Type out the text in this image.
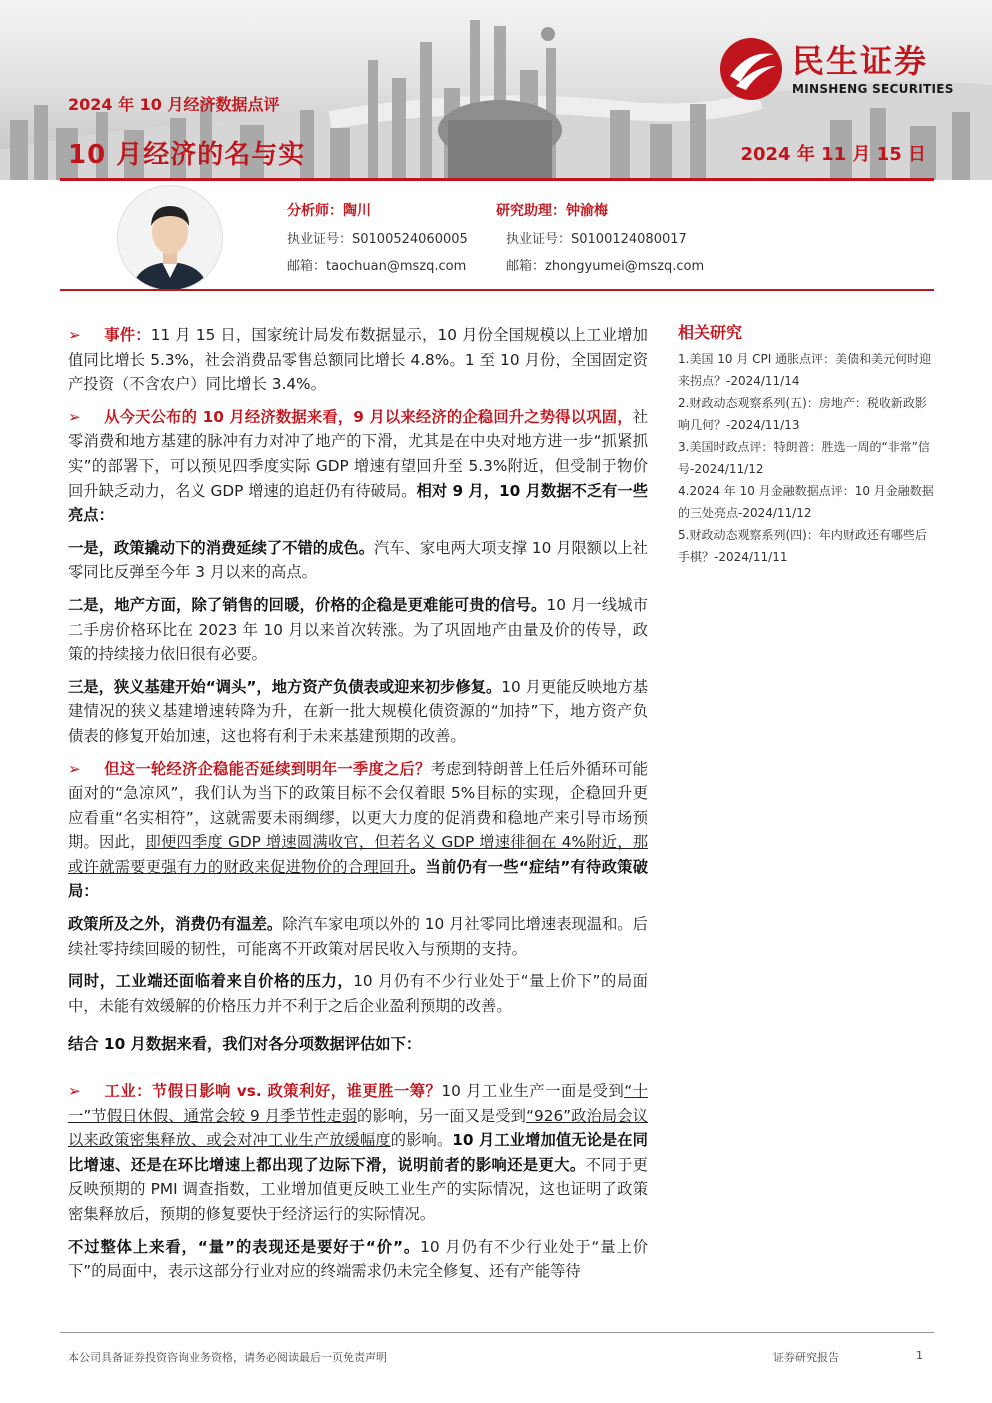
民生证券
MINSHENG SECURITIES
2024 年 10 月经济数据点评
10 月经济的名与实	2024 年 11 月 15 日
分析师：陶川
执业证号：S0100524060005
邮箱：taochuan@mszq.com
研究助理：钟渝梅
执业证号：S0100124080017
邮箱：zhongyumei@mszq.com

➢ 事件：11 月 15 日，国家统计局发布数据显示，10 月份全国规模以上工业增加值同比增长 5.3%，社会消费品零售总额同比增长 4.8%。1 至 10 月份，全国固定资产投资（不含农户）同比增长 3.4%。

➢ 从今天公布的 10 月经济数据来看，9 月以来经济的企稳回升之势得以巩固，社零消费和地方基建的脉冲有力对冲了地产的下滑，尤其是在中央对地方进一步“抓紧抓实”的部署下，可以预见四季度实际 GDP 增速有望回升至 5.3%附近，但受制于物价回升缺乏动力，名义 GDP 增速的追赶仍有待破局。相对 9 月，10 月数据不乏有一些亮点：

一是，政策撬动下的消费延续了不错的成色。汽车、家电两大项支撑 10 月限额以上社零同比反弹至今年 3 月以来的高点。

二是，地产方面，除了销售的回暖，价格的企稳是更难能可贵的信号。10 月一线城市二手房价格环比在 2023 年 10 月以来首次转涨。为了巩固地产由量及价的传导，政策的持续接力依旧很有必要。

三是，狭义基建开始“调头”，地方资产负债表或迎来初步修复。10 月更能反映地方基建情况的狭义基建增速转降为升，在新一批大规模化债资源的“加持”下，地方资产负债表的修复开始加速，这也将有利于未来基建预期的改善。

➢ 但这一轮经济企稳能否延续到明年一季度之后？考虑到特朗普上任后外循环可能面对的“急凉风”，我们认为当下的政策目标不会仅着眼 5%目标的实现，企稳回升更应看重“名实相符”，这就需要未雨绸缪，以更大力度的促消费和稳地产来引导市场预期。因此，即便四季度 GDP 增速圆满收官，但若名义 GDP 增速徘徊在 4%附近，那或许就需要更强有力的财政来促进物价的合理回升。当前仍有一些“症结”有待政策破局：

政策所及之外，消费仍有温差。除汽车家电项以外的 10 月社零同比增速表现温和。后续社零持续回暖的韧性，可能离不开政策对居民收入与预期的支持。

同时，工业端还面临着来自价格的压力，10 月仍有不少行业处于“量上价下”的局面中，未能有效缓解的价格压力并不利于之后企业盈利预期的改善。

结合 10 月数据来看，我们对各分项数据评估如下：

➢ 工业：节假日影响 vs. 政策利好，谁更胜一筹？10 月工业生产一面是受到“十一”节假日休假、通常会较 9 月季节性走弱的影响，另一面又是受到“926”政治局会议以来政策密集释放、或会对冲工业生产放缓幅度的影响。10 月工业增加值无论是在同比增速、还是在环比增速上都出现了边际下滑，说明前者的影响还是更大。不同于更反映预期的 PMI 调查指数，工业增加值更反映工业生产的实际情况，这也证明了政策密集释放后，预期的修复要快于经济运行的实际情况。

不过整体上来看，“量”的表现还是要好于“价”。10 月仍有不少行业处于“量上价下”的局面中，表示这部分行业对应的终端需求仍未完全修复、还有产能等待

相关研究
1.美国 10 月 CPI 通胀点评：美债和美元何时迎来拐点？-2024/11/14
2.财政动态观察系列(五)：房地产：税收新政影响几何？-2024/11/13
3.美国时政点评：特朗普：胜选一周的“非常”信号-2024/11/12
4.2024 年 10 月金融数据点评：10 月金融数据的三处亮点-2024/11/12
5.财政动态观察系列(四)：年内财政还有哪些后手棋？-2024/11/11
本公司具备证券投资咨询业务资格，请务必阅读最后一页免责声明	证券研究报告	1
